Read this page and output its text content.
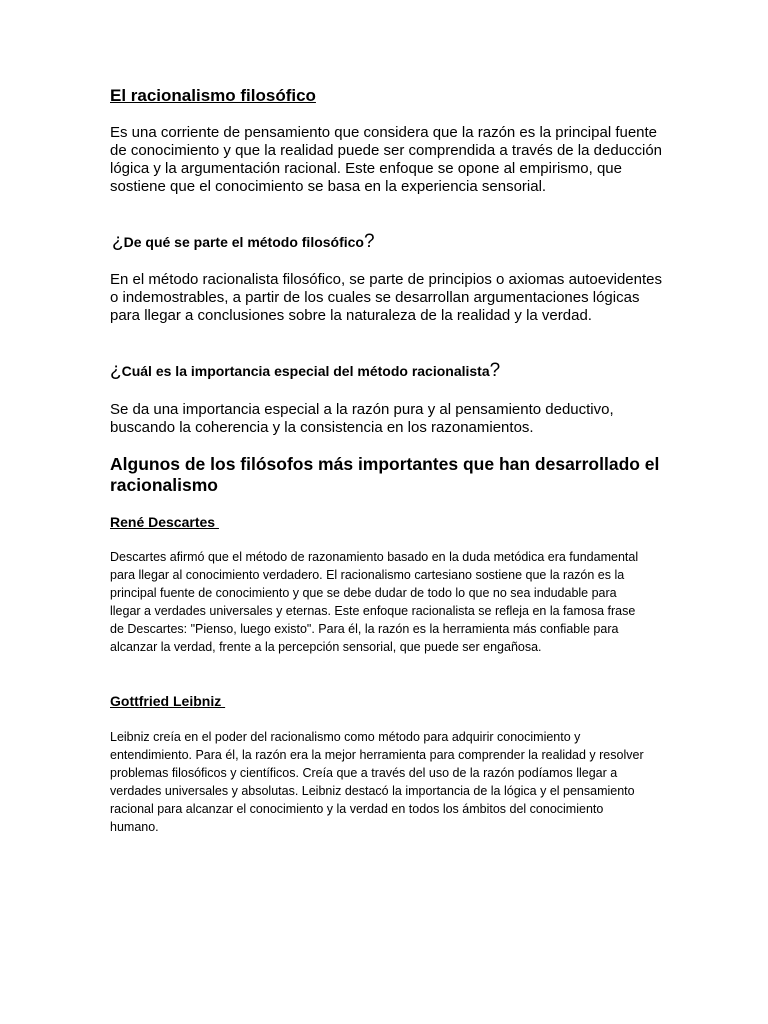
El racionalismo filosófico

Es una corriente de pensamiento que considera que la razón es la principal fuente de conocimiento y que la realidad puede ser comprendida a través de la deducción lógica y la argumentación racional. Este enfoque se opone al empirismo, que sostiene que el conocimiento se basa en la experiencia sensorial.

¿De qué se parte el método filosófico?

En el método racionalista filosófico, se parte de principios o axiomas autoevidentes o indemostrables, a partir de los cuales se desarrollan argumentaciones lógicas para llegar a conclusiones sobre la naturaleza de la realidad y la verdad.

¿Cuál es la importancia especial del método racionalista?

Se da una importancia especial a la razón pura y al pensamiento deductivo, buscando la coherencia y la consistencia en los razonamientos.

Algunos de los filósofos más importantes que han desarrollado el racionalismo
René Descartes

Descartes afirmó que el método de razonamiento basado en la duda metódica era fundamental para llegar al conocimiento verdadero. El racionalismo cartesiano sostiene que la razón es la principal fuente de conocimiento y que se debe dudar de todo lo que no sea indudable para llegar a verdades universales y eternas. Este enfoque racionalista se refleja en la famosa frase de Descartes: "Pienso, luego existo". Para él, la razón es la herramienta más confiable para alcanzar la verdad, frente a la percepción sensorial, que puede ser engañosa.

Gottfried Leibniz

Leibniz creía en el poder del racionalismo como método para adquirir conocimiento y entendimiento. Para él, la razón era la mejor herramienta para comprender la realidad y resolver problemas filosóficos y científicos. Creía que a través del uso de la razón podíamos llegar a verdades universales y absolutas. Leibniz destacó la importancia de la lógica y el pensamiento racional para alcanzar el conocimiento y la verdad en todos los ámbitos del conocimiento humano.
